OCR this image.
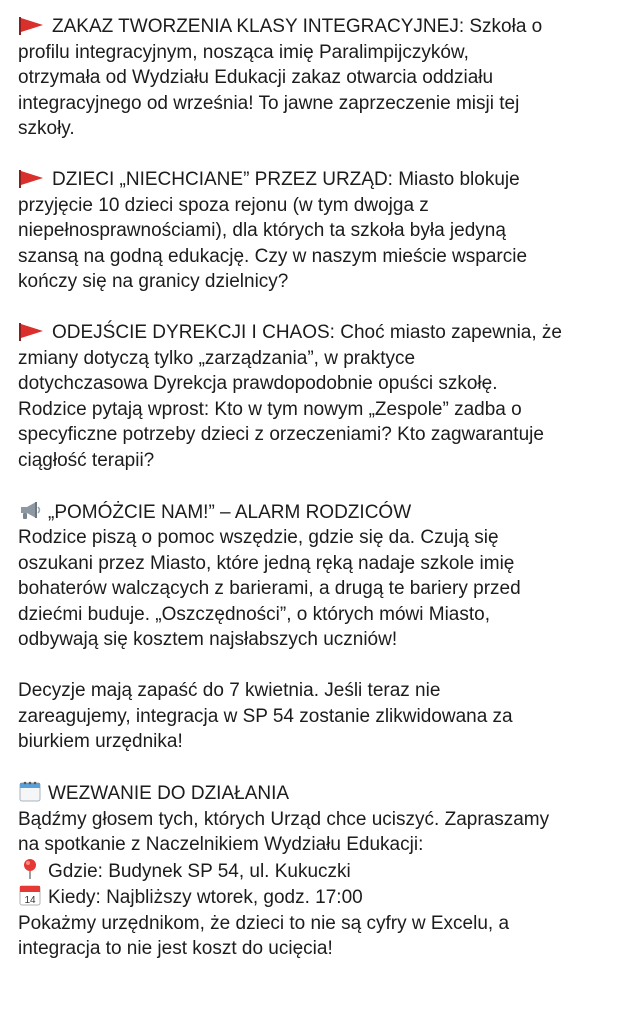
ZAKAZ TWORZENIA KLASY INTEGRACYJNEJ: Szkoła o
profilu integracyjnym, nosząca imię Paralimpijczyków,
otrzymała od Wydziału Edukacji zakaz otwarcia oddziału
integracyjnego od września! To jawne zaprzeczenie misji tej
szkoły.

DZIECI „NIECHCIANE” PRZEZ URZĄD: Miasto blokuje
przyjęcie 10 dzieci spoza rejonu (w tym dwojga z
niepełnosprawnościami), dla których ta szkoła była jedyną
szansą na godną edukację. Czy w naszym mieście wsparcie
kończy się na granicy dzielnicy?

ODEJŚCIE DYREKCJI I CHAOS: Choć miasto zapewnia, że
zmiany dotyczą tylko „zarządzania”, w praktyce
dotychczasowa Dyrekcja prawdopodobnie opuści szkołę.
Rodzice pytają wprost: Kto w tym nowym „Zespole” zadba o
specyficzne potrzeby dzieci z orzeczeniami? Kto zagwarantuje
ciągłość terapii?

„POMÓŻCIE NAM!” – ALARM RODZICÓW
Rodzice piszą o pomoc wszędzie, gdzie się da. Czują się
oszukani przez Miasto, które jedną ręką nadaje szkole imię
bohaterów walczących z barierami, a drugą te bariery przed
dziećmi buduje. „Oszczędności”, o których mówi Miasto,
odbywają się kosztem najsłabszych uczniów!

Decyzje mają zapaść do 7 kwietnia. Jeśli teraz nie
zareagujemy, integracja w SP 54 zostanie zlikwidowana za
biurkiem urzędnika!

WEZWANIE DO DZIAŁANIA
Bądźmy głosem tych, których Urząd chce uciszyć. Zapraszamy
na spotkanie z Naczelnikiem Wydziału Edukacji:
Gdzie: Budynek SP 54, ul. Kukuczki
14 Kiedy: Najbliższy wtorek, godz. 17:00
Pokażmy urzędnikom, że dzieci to nie są cyfry w Excelu, a
integracja to nie jest koszt do ucięcia!
